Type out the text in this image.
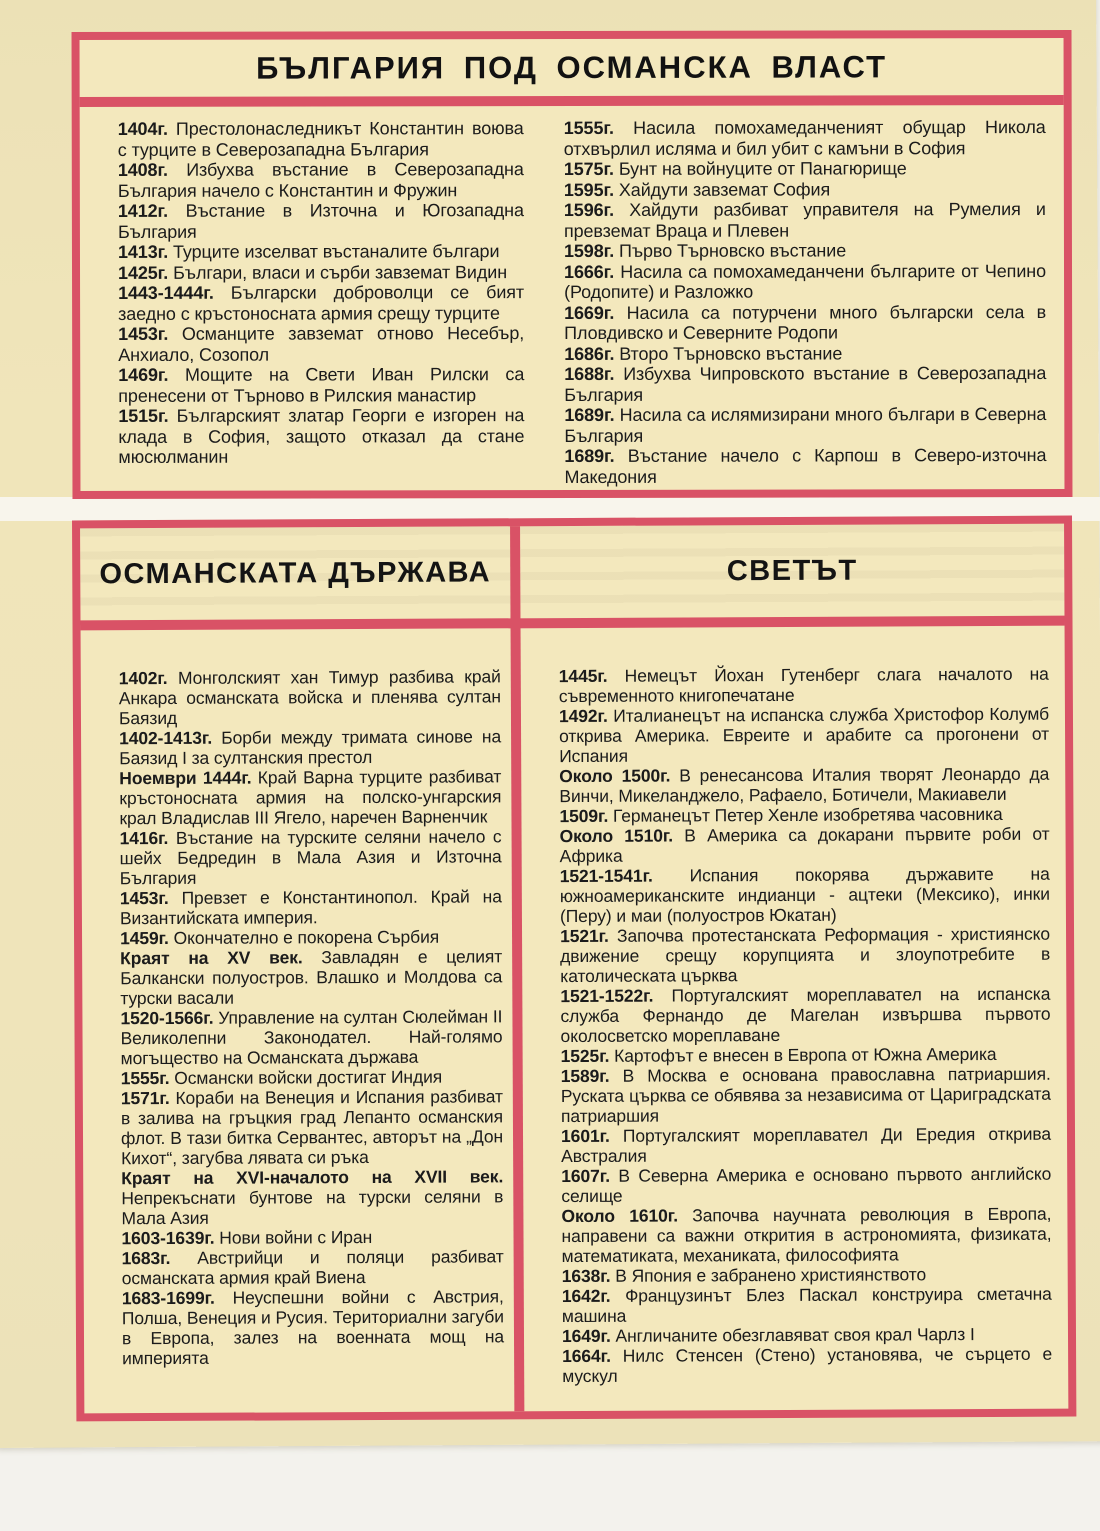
БЪЛГАРИЯ ПОД ОСМАНСКА ВЛАСТ

1404г. Престолонаследникът Константин воюва с турците в Северозападна България

1408г. Избухва въстание в Северозападна България начело с Константин и Фружин

1412г. Въстание в Източна и Югозападна България

1413г. Турците изселват въстаналите българи

1425г. Българи, власи и сърби завземат Видин

1443-1444г. Български доброволци се бият заедно с кръстоносната армия срещу турците

1453г. Османците завземат отново Несебър, Анхиало, Созопол

1469г. Мощите на Свети Иван Рилски са пренесени от Търново в Рилския манастир

1515г. Българският златар Георги е изгорен на клада в София, защото отказал да стане мюсюлманин

1555г. Насила помохамеданченият обущар Никола отхвърлил исляма и бил убит с камъни в София

1575г. Бунт на войнуците от Панагюрище

1595г. Хайдути завземат София

1596г. Хайдути разбиват управителя на Румелия и превземат Враца и Плевен

1598г. Първо Търновско въстание

1666г. Насила са помохамеданчени българите от Чепино (Родопите) и Разложко

1669г. Насила са потурчени много български села в Пловдивско и Северните Родопи

1686г. Второ Търновско въстание

1688г. Избухва Чипровското въстание в Северозападна България

1689г. Насила са ислямизирани много българи в Северна България

1689г. Въстание начело с Карпош в Северо-източна Македония

ОСМАНСКАТА ДЪРЖАВА	СВЕТЪТ

1402г. Монголският хан Тимур разбива край Анкара османската войска и пленява султан Баязид

1402-1413г. Борби между тримата синове на Баязид I за султанския престол

Ноември 1444г. Край Варна турците разбиват кръстоносната армия на полско-унгарския крал Владислав III Ягело, наречен Варненчик

1416г. Въстание на турските селяни начело с шейх Бедредин в Мала Азия и Източна България

1453г. Превзет е Константинопол. Край на Византийската империя.

1459г. Окончателно е покорена Сърбия

Краят на XV век. Завладян е целият Балкански полуостров. Влашко и Молдова са турски васали

1520-1566г. Управление на султан Сюлейман II Великолепни Законодател. Най-голямо могъщество на Османската държава

1555г. Османски войски достигат Индия

1571г. Кораби на Венеция и Испания разбиват в залива на гръцкия град Лепанто османския флот. В тази битка Сервантес, авторът на „Дон Кихот“, загубва лявата си ръка

Краят на XVI-началото на XVII век. Непрекъснати бунтове на турски селяни в Мала Азия

1603-1639г. Нови войни с Иран

1683г. Австрийци и поляци разбиват османската армия край Виена

1683-1699г. Неуспешни войни с Австрия, Полша, Венеция и Русия. Териториални загуби в Европа, залез на военната мощ на империята

1445г. Немецът Йохан Гутенберг слага началото на съвременното книгопечатане

1492г. Италианецът на испанска служба Христофор Колумб открива Америка. Евреите и арабите са прогонени от Испания

Около 1500г. В ренесансова Италия творят Леонардо да Винчи, Микеланджело, Рафаело, Ботичели, Макиавели

1509г. Германецът Петер Хенле изобретява часовника

Около 1510г. В Америка са докарани първите роби от Африка

1521-1541г. Испания покорява държавите на южноамериканските индианци - ацтеки (Мексико), инки (Перу) и маи (полуостров Юкатан)

1521г. Започва протестанската Реформация - християнско движение срещу корупцията и злоупотребите в католическата църква

1521-1522г. Португалският мореплавател на испанска служба Фернандо де Магелан извършва първото околосветско мореплаване

1525г. Картофът е внесен в Европа от Южна Америка

1589г. В Москва е основана православна патриаршия. Руската църква се обявява за независима от Цариградската патриаршия

1601г. Португалският мореплавател Ди Ередия открива Австралия

1607г. В Северна Америка е основано първото английско селище

Около 1610г. Започва научната революция в Европа, направени са важни открития в астрономията, физиката, математиката, механиката, философията

1638г. В Япония е забранено християнството

1642г. Французинът Блез Паскал конструира сметачна машина

1649г. Англичаните обезглавяват своя крал Чарлз I

1664г. Нилс Стенсен (Стено) установява, че сърцето е мускул
